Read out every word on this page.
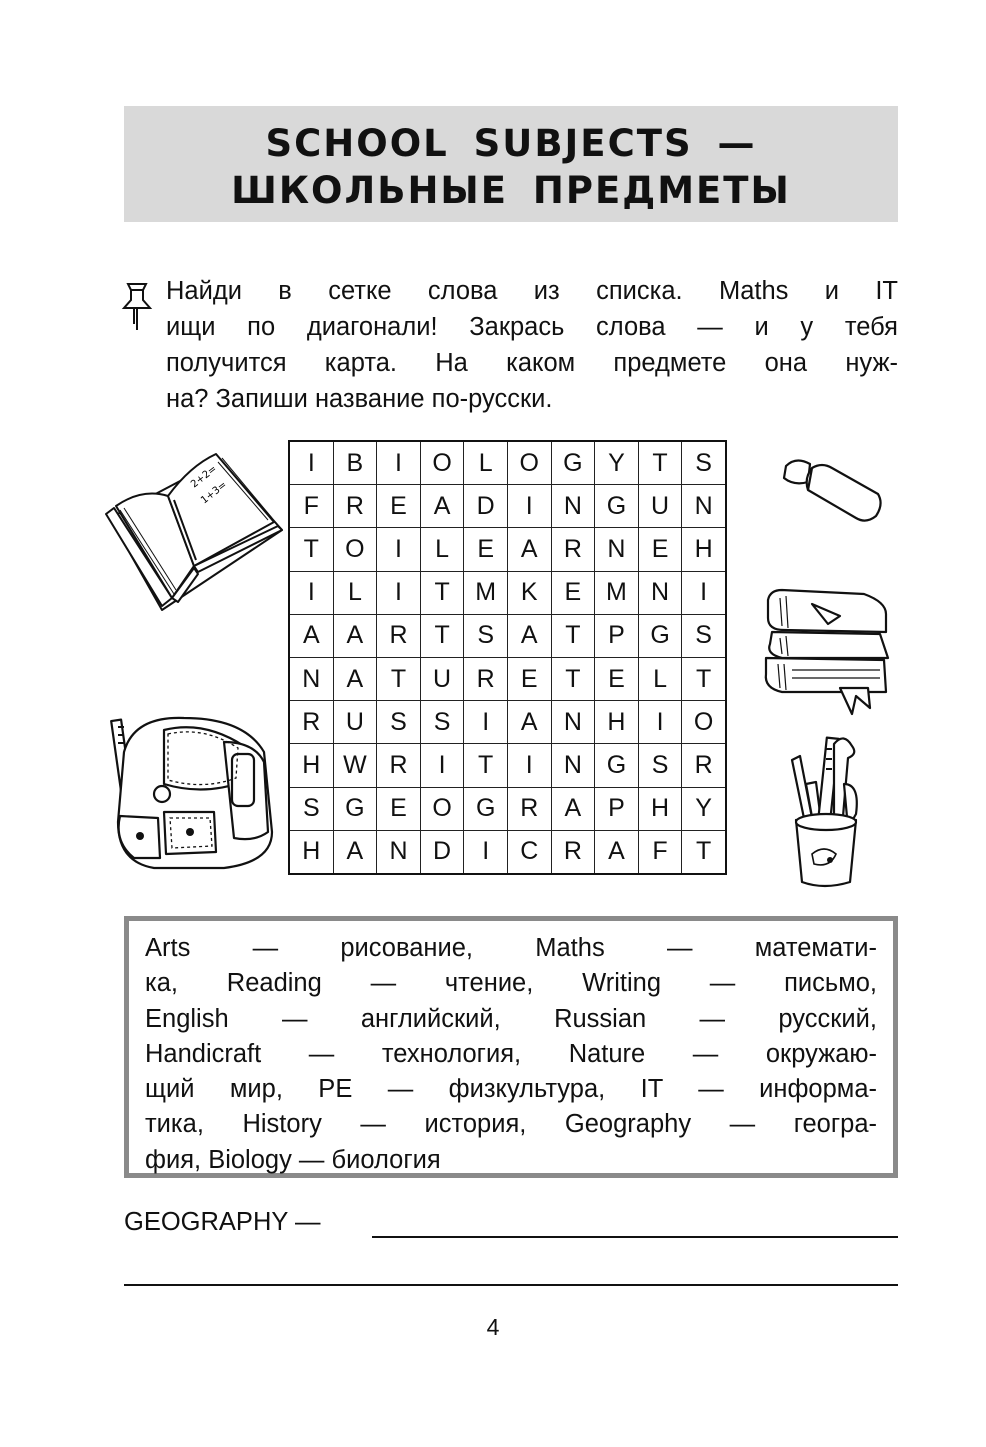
SCHOOL SUBJECTS —
ШКОЛЬНЫЕ ПРЕДМЕТЫ
Найди в сетке слова из списка. Maths и IT
ищи по диагонали! Закрась слова — и у тебя
получится карта. На каком предмете она нуж-
на? Запиши название по-русски.
2+2=
1+3=
I	B	I	O	L	O	G	Y	T	S
F	R	E	A	D	I	N	G	U	N
T	O	I	L	E	A	R	N	E	H
I	L	I	T	M	K	E	M	N	I
A	A	R	T	S	A	T	P	G	S
N	A	T	U	R	E	T	E	L	T
R	U	S	S	I	A	N	H	I	O
H	W	R	I	T	I	N	G	S	R
S	G	E	O	G	R	A	P	H	Y
H	A	N	D	I	C	R	A	F	T
Arts — рисование, Maths — математи-
ка, Reading — чтение, Writing — письмо,
English — английский, Russian — русский,
Handicraft — технология, Nature — окружаю-
щий мир, PE — физкультура, IT — информа-
тика, History — история, Geography — геогра-
фия, Biology — биология
GEOGRAPHY —
4
